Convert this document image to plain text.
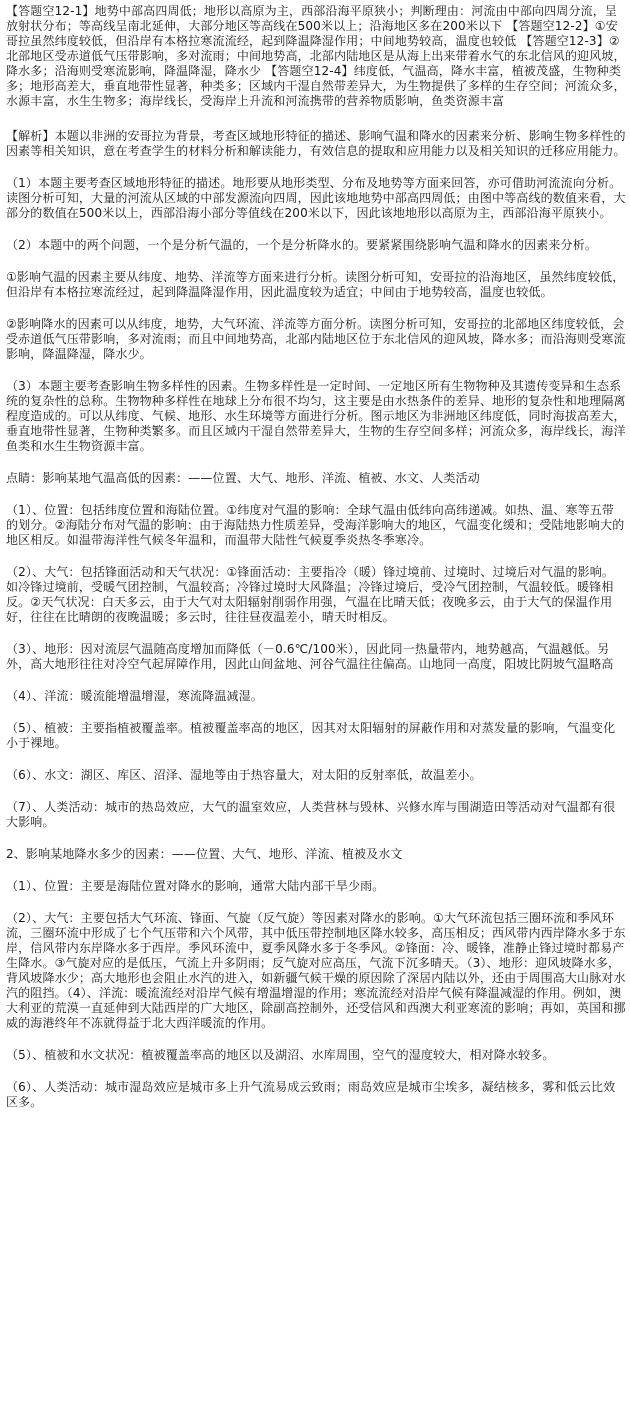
【答题空12-1】地势中部高四周低；地形以高原为主，西部沿海平原狭小；判断理由：河流由中部向四周分流，呈放射状分布；等高线呈南北延伸，大部分地区等高线在500米以上；沿海地区多在200米以下 【答题空12-2】①安哥拉虽然纬度较低，但沿岸有本格拉寒流流经，起到降温降湿作用；中间地势较高，温度也较低 【答题空12-3】②北部地区受赤道低气压带影响，多对流雨；中间地势高，北部内陆地区是从海上出来带着水气的东北信风的迎风坡，降水多；沿海则受寒流影响，降温降湿，降水少 【答题空12-4】纬度低，气温高，降水丰富，植被茂盛，生物种类多；地形高差大，垂直地带性显著，种类多；区域内干湿自然带差异大，为生物提供了多样的生存空间；河流众多，水源丰富，水生生物多；海岸线长，受海岸上升流和河流携带的营养物质影响，鱼类资源丰富

【解析】本题以非洲的安哥拉为背景，考查区域地形特征的描述、影响气温和降水的因素来分析、影响生物多样性的因素等相关知识，意在考查学生的材料分析和解读能力，有效信息的提取和应用能力以及相关知识的迁移应用能力。

（1）本题主要考查区域地形特征的描述。地形要从地形类型、分布及地势等方面来回答，亦可借助河流流向分析。读图分析可知，大量的河流从区域的中部发源流向四周，因此该地地势中部高四周低；由图中等高线的数值来看，大部分的数值在500米以上，西部沿海小部分等值线在200米以下，因此该地地形以高原为主，西部沿海平原狭小。

（2）本题中的两个问题，一个是分析气温的，一个是分析降水的。要紧紧围绕影响气温和降水的因素来分析。

①影响气温的因素主要从纬度、地势、洋流等方面来进行分析。读图分析可知，安哥拉的沿海地区，虽然纬度较低，但沿岸有本格拉寒流经过，起到降温降湿作用，因此温度较为适宜；中间由于地势较高，温度也较低。

②影响降水的因素可以从纬度，地势，大气环流、洋流等方面分析。读图分析可知，安哥拉的北部地区纬度较低，会受赤道低气压带影响，多对流雨；而且中间地势高，北部内陆地区位于东北信风的迎风坡，降水多；而沿海则受寒流影响，降温降湿，降水少。

（3）本题主要考查影响生物多样性的因素。生物多样性是一定时间、一定地区所有生物物种及其遗传变异和生态系统的复杂性的总称。生物物种多样性在地球上分布很不均匀，这主要是由水热条件的差异、地形的复杂性和地理隔离程度造成的。可以从纬度、气候、地形、水生环境等方面进行分析。图示地区为非洲地区纬度低，同时海拔高差大，垂直地带性显著，生物种类繁多。而且区域内干湿自然带差异大，生物的生存空间多样；河流众多，海岸线长，海洋鱼类和水生生物资源丰富。

点睛：影响某地气温高低的因素：——位置、大气、地形、洋流、植被、水文、人类活动

（1）、位置：包括纬度位置和海陆位置。①纬度对气温的影响：全球气温由低纬向高纬递减。如热、温、寒等五带的划分。②海陆分布对气温的影响：由于海陆热力性质差异，受海洋影响大的地区，气温变化缓和；受陆地影响大的地区相反。如温带海洋性气候冬年温和，而温带大陆性气候夏季炎热冬季寒冷。

（2）、大气：包括锋面活动和天气状况：①锋面活动：主要指冷（暖）锋过境前、过境时、过境后对气温的影响。如冷锋过境前，受暖气团控制，气温较高；冷锋过境时大风降温；冷锋过境后，受冷气团控制，气温较低。暖锋相反。②天气状况：白天多云，由于大气对太阳辐射削弱作用强，气温在比晴天低；夜晚多云，由于大气的保温作用好，往往在比晴朗的夜晚温暖；多云时，往往昼夜温差小，晴天时相反。

（3）、地形：因对流层气温随高度增加而降低（－0.6℃/100米），因此同一热量带内，地势越高，气温越低。另外，高大地形往往对冷空气起屏障作用，因此山间盆地、河谷气温往往偏高。山地同一高度，阳坡比阴坡气温略高

（4）、洋流：暖流能增温增湿，寒流降温减湿。

（5）、植被：主要指植被覆盖率。植被覆盖率高的地区，因其对太阳辐射的屏蔽作用和对蒸发量的影响，气温变化小于裸地。

（6）、水文：湖区、库区、沼泽、湿地等由于热容量大，对太阳的反射率低，故温差小。

（7）、人类活动：城市的热岛效应，大气的温室效应，人类营林与毁林、兴修水库与围湖造田等活动对气温都有很大影响。

2、影响某地降水多少的因素：——位置、大气、地形、洋流、植被及水文

（1）、位置：主要是海陆位置对降水的影响，通常大陆内部干旱少雨。

（2）、大气：主要包括大气环流、锋面、气旋（反气旋）等因素对降水的影响。①大气环流包括三圈环流和季风环流，三圈环流中形成了七个气压带和六个风带，其中低压带控制地区降水较多，高压相反；西风带内西岸降水多于东岸，信风带内东岸降水多于西岸。季风环流中，夏季风降水多于冬季风。②锋面：冷、暖锋，准静止锋过境时都易产生降水。③气旋对应的是低压，气流上升多阴雨；反气旋对应高压，气流下沉多晴天。（3）、地形：迎风坡降水多，背风坡降水少；高大地形也会阻止水汽的进入，如新疆气候干燥的原因除了深居内陆以外，还由于周围高大山脉对水汽的阻挡。（4）、洋流：暖流流经对沿岸气候有增温增湿的作用；寒流流经对沿岸气候有降温减湿的作用。例如，澳大利亚的荒漠一直延伸到大陆西岸的广大地区，除副高控制外，还受信风和西澳大利亚寒流的影响；再如，英国和挪威的海港终年不冻就得益于北大西洋暖流的作用。

（5）、植被和水文状况：植被覆盖率高的地区以及湖沼、水库周围，空气的湿度较大，相对降水较多。

（6）、人类活动：城市湿岛效应是城市多上升气流易成云致雨；雨岛效应是城市尘埃多，凝结核多，雾和低云比效区多。
